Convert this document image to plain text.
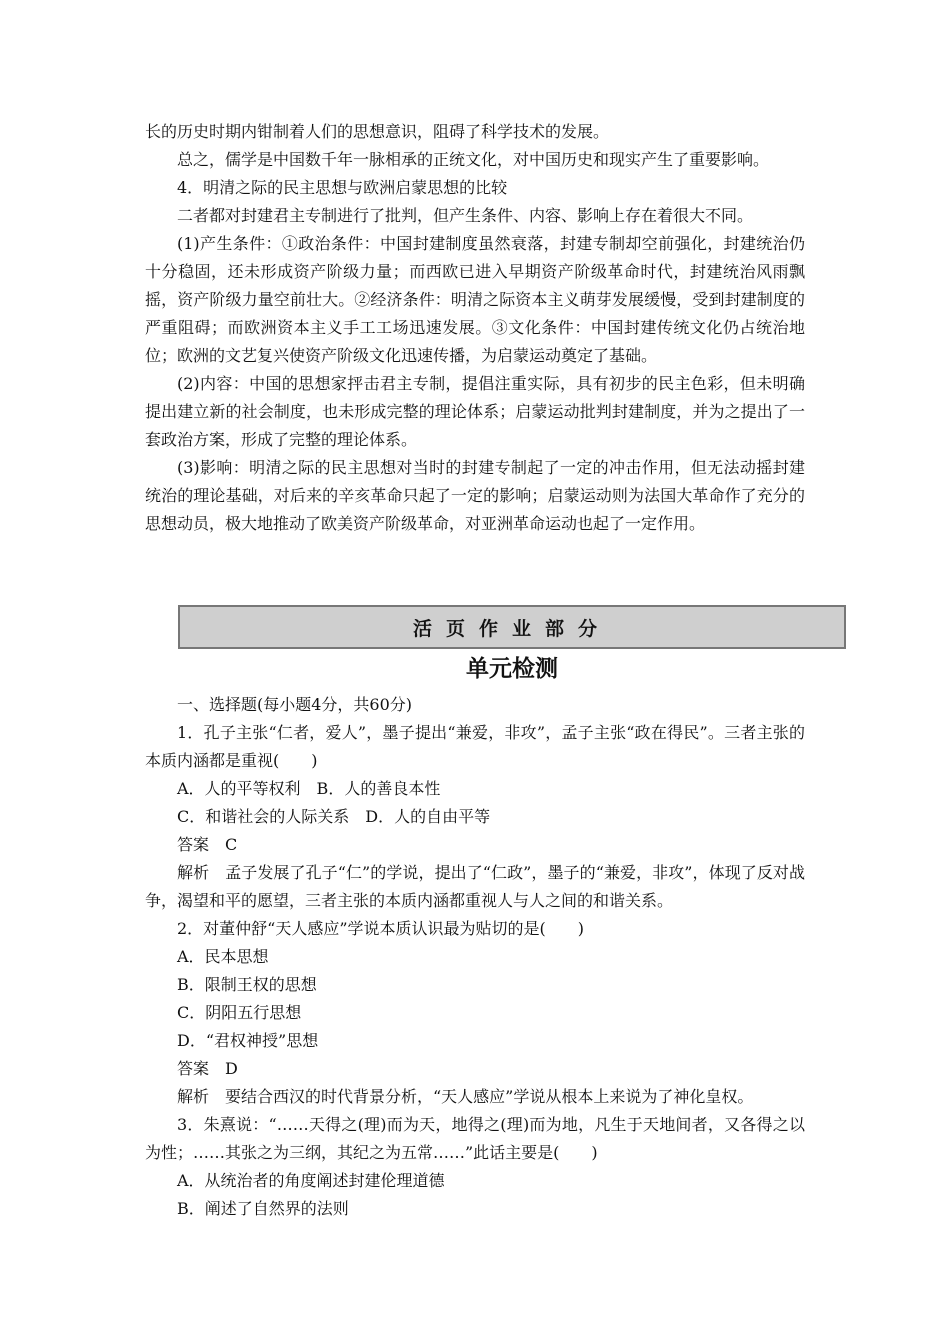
长的历史时期内钳制着人们的思想意识，阻碍了科学技术的发展。

总之，儒学是中国数千年一脉相承的正统文化，对中国历史和现实产生了重要影响。

4．明清之际的民主思想与欧洲启蒙思想的比较

二者都对封建君主专制进行了批判，但产生条件、内容、影响上存在着很大不同。

(1)产生条件：①政治条件：中国封建制度虽然衰落，封建专制却空前强化，封建统治仍十分稳固，还未形成资产阶级力量；而西欧已进入早期资产阶级革命时代，封建统治风雨飘摇，资产阶级力量空前壮大。②经济条件：明清之际资本主义萌芽发展缓慢，受到封建制度的严重阻碍；而欧洲资本主义手工工场迅速发展。③文化条件：中国封建传统文化仍占统治地位；欧洲的文艺复兴使资产阶级文化迅速传播，为启蒙运动奠定了基础。

(2)内容：中国的思想家抨击君主专制，提倡注重实际，具有初步的民主色彩，但未明确提出建立新的社会制度，也未形成完整的理论体系；启蒙运动批判封建制度，并为之提出了一套政治方案，形成了完整的理论体系。

(3)影响：明清之际的民主思想对当时的封建专制起了一定的冲击作用，但无法动摇封建统治的理论基础，对后来的辛亥革命只起了一定的影响；启蒙运动则为法国大革命作了充分的思想动员，极大地推动了欧美资产阶级革命，对亚洲革命运动也起了一定作用。

活页作业部分
单元检测

一、选择题(每小题4分，共60分)

1．孔子主张“仁者，爱人”，墨子提出“兼爱，非攻”，孟子主张“政在得民”。三者主张的本质内涵都是重视(　　)

A．人的平等权利　B．人的善良本性

C．和谐社会的人际关系　D．人的自由平等

答案　C

解析　孟子发展了孔子“仁”的学说，提出了“仁政”，墨子的“兼爱，非攻”，体现了反对战争，渴望和平的愿望，三者主张的本质内涵都重视人与人之间的和谐关系。

2．对董仲舒“天人感应”学说本质认识最为贴切的是(　　)

A．民本思想

B．限制王权的思想

C．阴阳五行思想

D．“君权神授”思想

答案　D

解析　要结合西汉的时代背景分析，“天人感应”学说从根本上来说为了神化皇权。

3．朱熹说：“……天得之(理)而为天，地得之(理)而为地，凡生于天地间者，又各得之以为性；……其张之为三纲，其纪之为五常……”此话主要是(　　)

A．从统治者的角度阐述封建伦理道德

B．阐述了自然界的法则
